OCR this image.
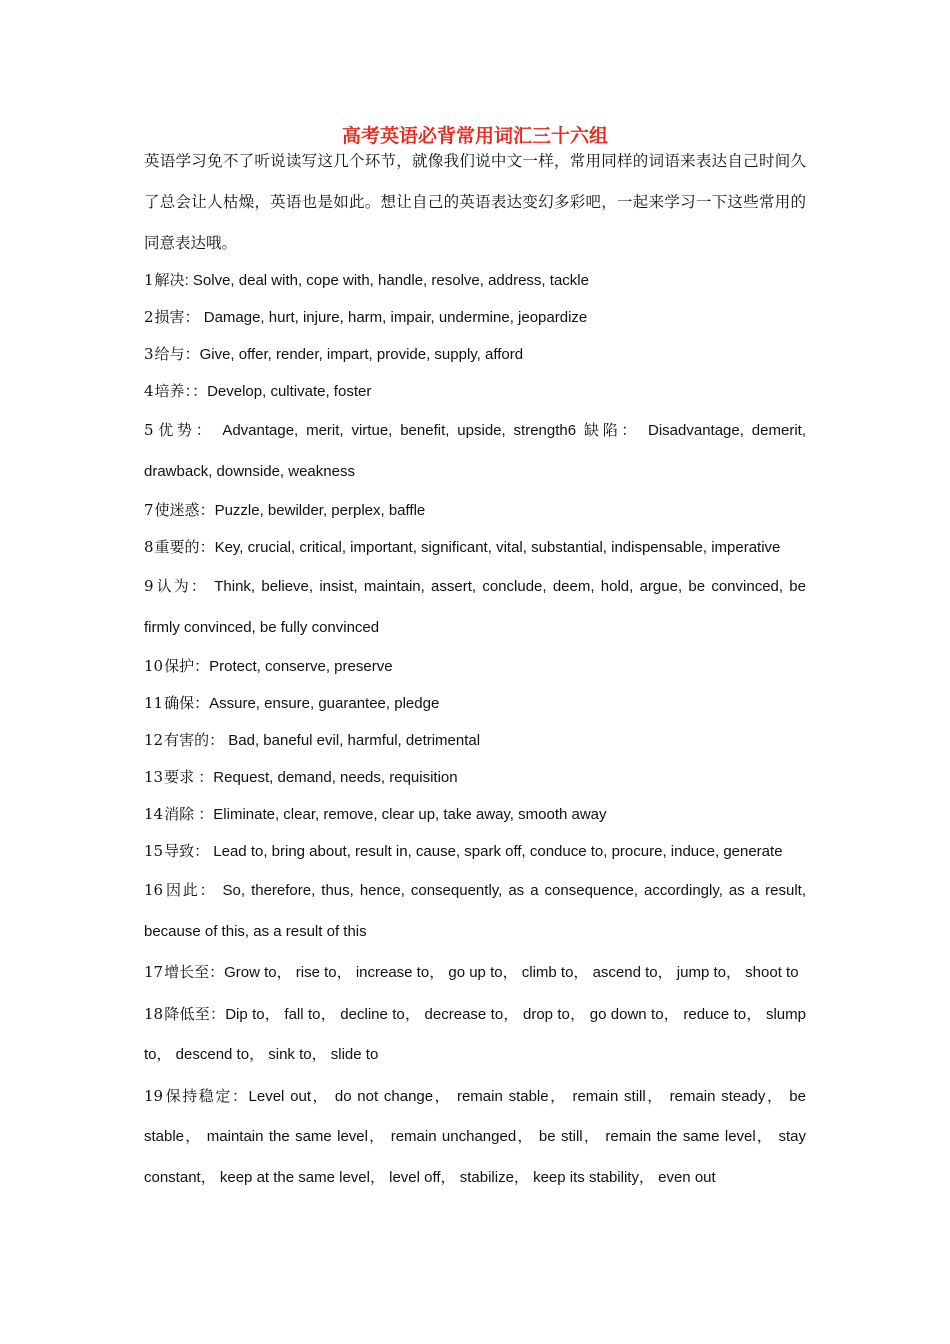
高考英语必背常用词汇三十六组
英语学习免不了听说读写这几个环节，就像我们说中文一样，常用同样的词语来表达自己时间久了总会让人枯燥，英语也是如此。想让自己的英语表达变幻多彩吧，一起来学习一下这些常用的同意表达哦。
1解决: Solve, deal with, cope with, handle, resolve, address, tackle
2损害： Damage, hurt, injure, harm, impair, undermine, jeopardize
3给与：Give, offer, render, impart, provide, supply, afford
4培养：：Develop, cultivate, foster
5优势： Advantage, merit, virtue, benefit, upside, strength6 缺陷： Disadvantage, demerit, drawback, downside, weakness
7使迷惑：Puzzle, bewilder, perplex, baffle
8重要的：Key, crucial, critical, important, significant, vital, substantial, indispensable, imperative
9认为： Think, believe, insist, maintain, assert, conclude, deem, hold, argue, be convinced, be firmly convinced, be fully convinced
10保护：Protect, conserve, preserve
11确保：Assure, ensure, guarantee, pledge
12有害的： Bad, baneful evil, harmful, detrimental
13要求 ：Request, demand, needs, requisition
14消除 ：Eliminate, clear, remove, clear up, take away, smooth away
15导致： Lead to, bring about, result in, cause, spark off, conduce to, procure, induce, generate
16因此： So, therefore, thus, hence, consequently, as a consequence, accordingly, as a result, because of this, as a result of this
17增长至：Grow to， rise to， increase to， go up to， climb to， ascend to， jump to， shoot to
18降低至：Dip to， fall to， decline to， decrease to， drop to， go down to， reduce to， slump to， descend to， sink to， slide to
19保持稳定：Level out， do not change， remain stable， remain still， remain steady， be stable， maintain the same level， remain unchanged， be still， remain the same level， stay constant， keep at the same level， level off， stabilize， keep its stability， even out
